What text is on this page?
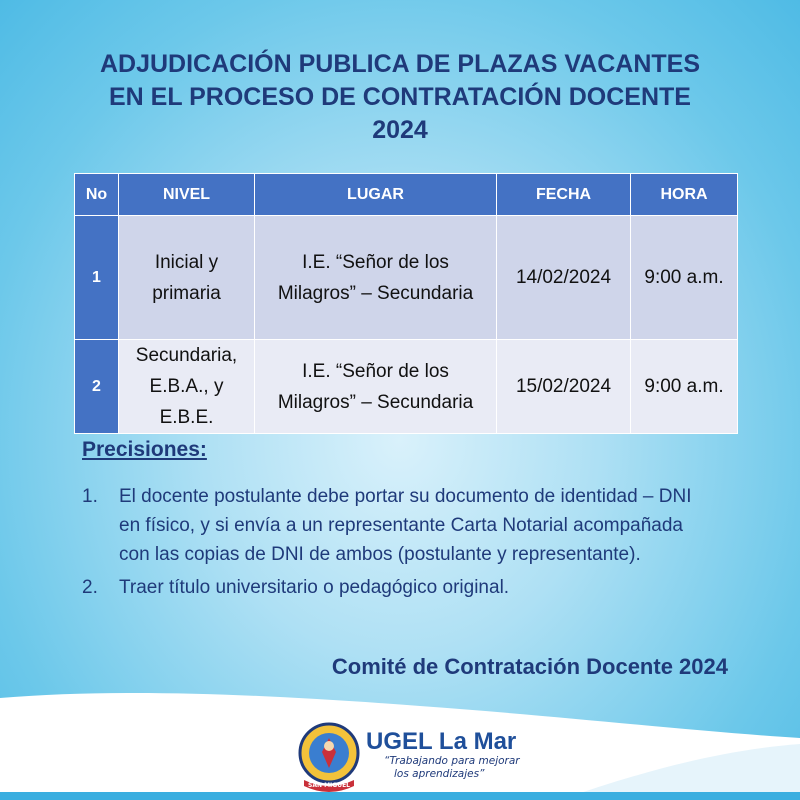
ADJUDICACIÓN PUBLICA DE PLAZAS VACANTES
EN EL PROCESO DE CONTRATACIÓN DOCENTE
2024
No	NIVEL	LUGAR	FECHA	HORA
1	Inicial y primaria	I.E. “Señor de los Milagros” – Secundaria	14/02/2024	9:00 a.m.
2	Secundaria, E.B.A., y E.B.E.	I.E. “Señor de los Milagros” – Secundaria	15/02/2024	9:00 a.m.
Precisiones:
1. El docente postulante debe portar su documento de identidad – DNI en físico, y si envía a un representante Carta Notarial acompañada con las copias de DNI de ambos (postulante y representante).
2. Traer título universitario o pedagógico original.
Comité de Contratación Docente 2024
SAN MIGUEL
UGEL La Mar
“Trabajando para mejorar
los aprendizajes”
